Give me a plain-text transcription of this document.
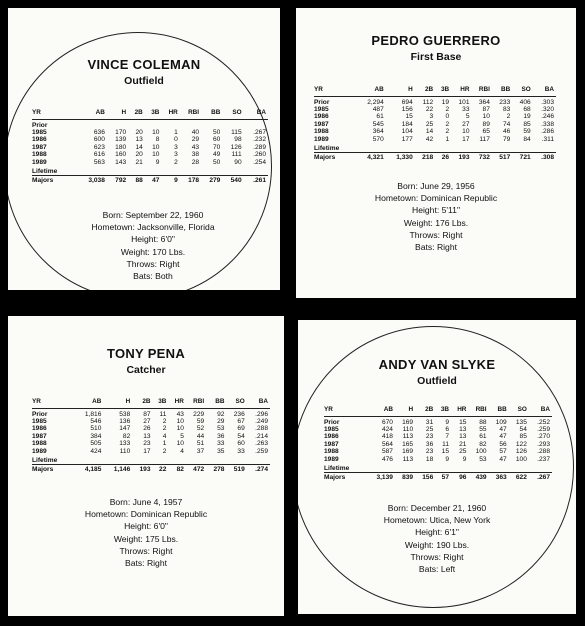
VINCE COLEMAN
Outfield
YR	AB	H	2B	3B	HR	RBI	BB	SO	BA

Prior									
1985	636	170	20	10	1	40	50	115	.267
1986	600	139	13	8	0	29	60	98	.232
1987	623	180	14	10	3	43	70	126	.289
1988	616	160	20	10	3	38	49	111	.260
1989	563	143	21	9	2	28	50	90	.254

Lifetime									
Majors	3,038	792	88	47	9	178	279	540	.261
Born: September 22, 1960
Hometown: Jacksonville, Florida
Height: 6'0"
Weight: 170 Lbs.
Throws: Right
Bats: Both
PEDRO GUERRERO
First Base
YR	AB	H	2B	3B	HR	RBI	BB	SO	BA

Prior	2,294	694	112	19	101	364	233	406	.303
1985	487	156	22	2	33	87	83	68	.320
1986	61	15	3	0	5	10	2	19	.246
1987	545	184	25	2	27	89	74	85	.338
1988	364	104	14	2	10	65	46	59	.286
1989	570	177	42	1	17	117	79	84	.311

Lifetime									
Majors	4,321	1,330	218	26	193	732	517	721	.308
Born: June 29, 1956
Hometown: Dominican Republic
Height: 5'11"
Weight: 176 Lbs.
Throws: Right
Bats: Right
TONY PENA
Catcher
YR	AB	H	2B	3B	HR	RBI	BB	SO	BA

Prior	1,816	538	87	11	43	229	92	236	.296
1985	546	136	27	2	10	59	29	67	.249
1986	510	147	26	2	10	52	53	69	.288
1987	384	82	13	4	5	44	36	54	.214
1988	505	133	23	1	10	51	33	60	.263
1989	424	110	17	2	4	37	35	33	.259

Lifetime									
Majors	4,185	1,146	193	22	82	472	278	519	.274
Born: June 4, 1957
Hometown: Dominican Republic
Height: 6'0"
Weight: 175 Lbs.
Throws: Right
Bats: Right
ANDY VAN SLYKE
Outfield
YR	AB	H	2B	3B	HR	RBI	BB	SO	BA

Prior	670	169	31	9	15	88	109	135	.252
1985	424	110	25	6	13	55	47	54	.259
1986	418	113	23	7	13	61	47	85	.270
1987	564	165	36	11	21	82	56	122	.293
1988	587	169	23	15	25	100	57	126	.288
1989	476	113	18	9	9	53	47	100	.237

Lifetime									
Majors	3,139	839	156	57	96	439	363	622	.267
Born: December 21, 1960
Hometown: Utica, New York
Height: 6'1"
Weight: 190 Lbs.
Throws: Right
Bats: Left
